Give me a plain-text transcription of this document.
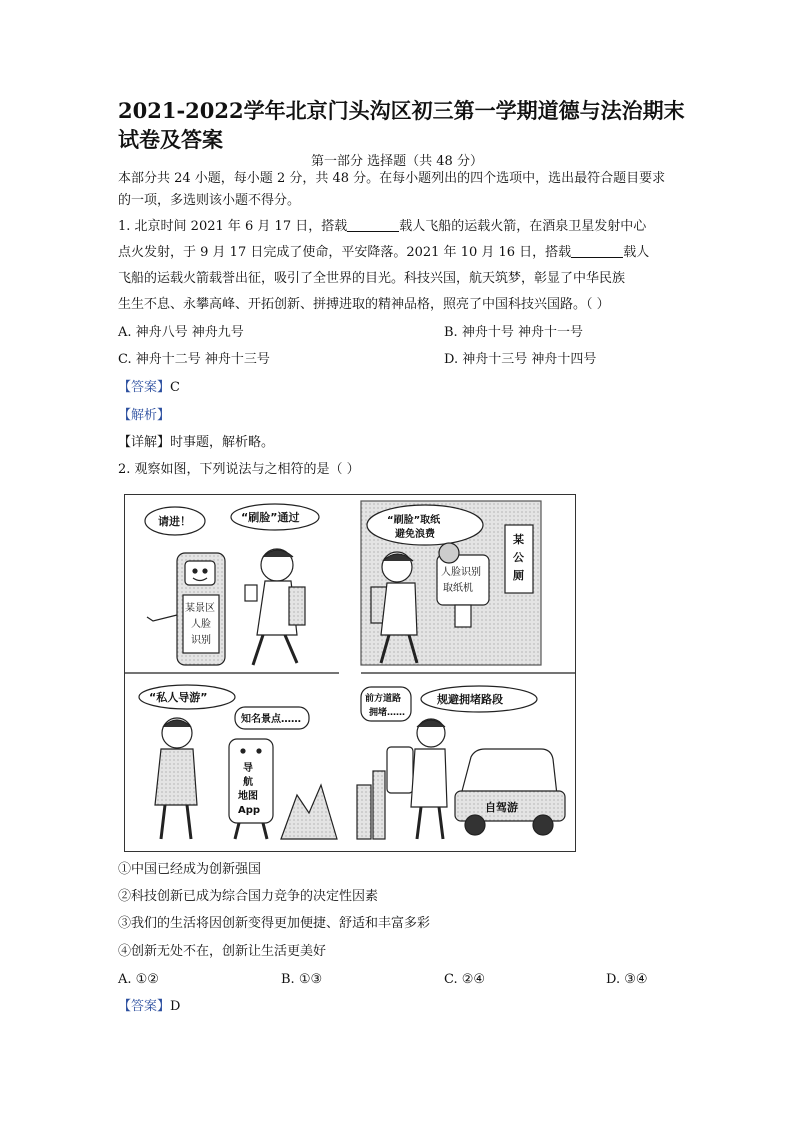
2021-2022学年北京门头沟区初三第一学期道德与法治期末试卷及答案
第一部分 选择题（共 48 分）
本部分共 24 小题，每小题 2 分，共 48 分。在每小题列出的四个选项中，选出最符合题目要求的一项，多选则该小题不得分。
1. 北京时间 2021 年 6 月 17 日，搭载	载人飞船的运载火箭，在酒泉卫星发射中心
点火发射，于 9 月 17 日完成了使命，平安降落。2021 年 10 月 16 日，搭载	载人
飞船的运载火箭载誉出征，吸引了全世界的目光。科技兴国，航天筑梦，彰显了中华民族
生生不息、永攀高峰、开拓创新、拼搏进取的精神品格，照亮了中国科技兴国路。（ ）
A. 神舟八号 神舟九号	B. 神舟十号 神舟十一号
C. 神舟十二号 神舟十三号	D. 神舟十三号 神舟十四号
【答案】C
【解析】
【详解】时事题，解析略。
2. 观察如图，下列说法与之相符的是（ ）
请进！	“刷脸”通过
某景区
人脸
识别
“刷脸”取纸
避免浪费	某
公
厕
人脸识别
取纸机
“私人导游”
知名景点……
导
航
地图
App
前方道路
拥堵……
规避拥堵路段
自驾游
①中国已经成为创新强国
②科技创新已成为综合国力竞争的决定性因素
③我们的生活将因创新变得更加便捷、舒适和丰富多彩
④创新无处不在，创新让生活更美好
A. ①②	B. ①③	C. ②④	D. ③④
【答案】D
